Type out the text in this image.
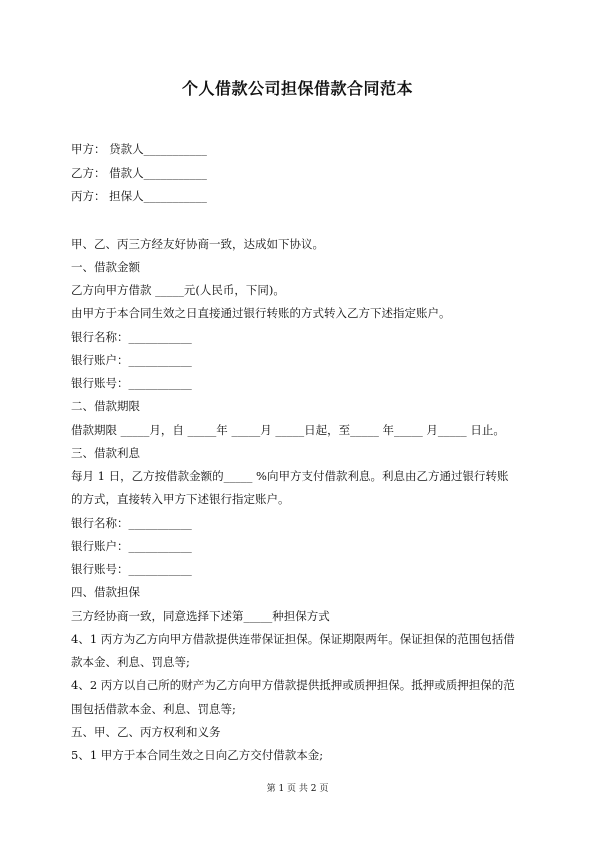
个人借款公司担保借款合同范本
甲方： 贷款人___________
乙方： 借款人___________
丙方： 担保人___________
甲、乙、丙三方经友好协商一致，达成如下协议。
一、借款金额
乙方向甲方借款 _____元(人民币，下同)。
由甲方于本合同生效之日直接通过银行转账的方式转入乙方下述指定账户。
银行名称：___________
银行账户：___________
银行账号：___________
二、借款期限
借款期限 _____月，自 _____年 _____月 _____日起，至_____ 年_____ 月_____ 日止。
三、借款利息
每月 1 日，乙方按借款金额的_____ %向甲方支付借款利息。利息由乙方通过银行转账
的方式，直接转入甲方下述银行指定账户。
银行名称：___________
银行账户：___________
银行账号：___________
四、借款担保
三方经协商一致，同意选择下述第_____种担保方式
4、1 丙方为乙方向甲方借款提供连带保证担保。保证期限两年。保证担保的范围包括借
款本金、利息、罚息等;
4、2 丙方以自己所的财产为乙方向甲方借款提供抵押或质押担保。抵押或质押担保的范
围包括借款本金、利息、罚息等;
五、甲、乙、丙方权利和义务
5、1 甲方于本合同生效之日向乙方交付借款本金;
第 1 页 共 2 页
